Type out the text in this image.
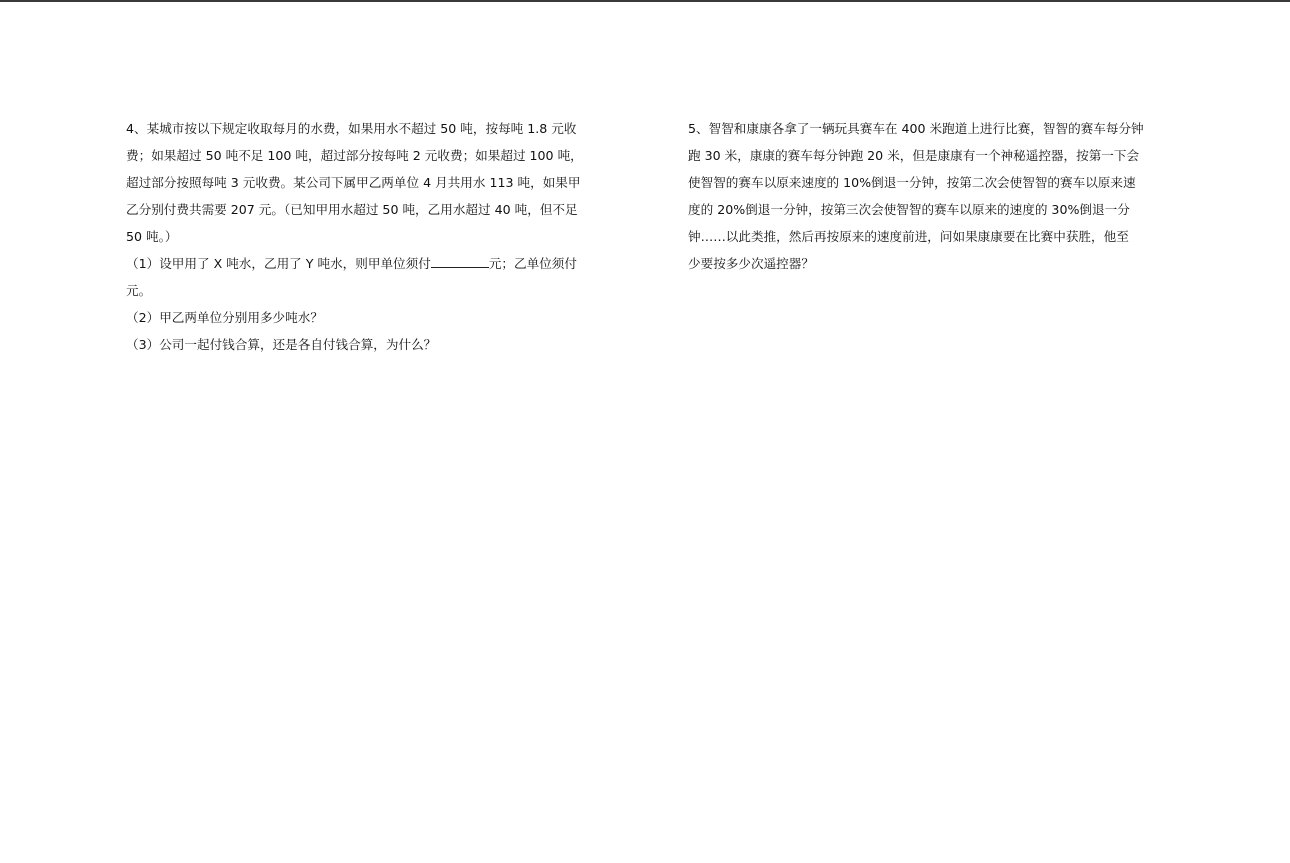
4、某城市按以下规定收取每月的水费，如果用水不超过 50 吨，按每吨 1.8 元收
费；如果超过 50 吨不足 100 吨，超过部分按每吨 2 元收费；如果超过 100 吨，
超过部分按照每吨 3 元收费。某公司下属甲乙两单位 4 月共用水 113 吨，如果甲
乙分别付费共需要 207 元。（已知甲用水超过 50 吨，乙用水超过 40 吨，但不足
50 吨。）
（1）设甲用了 X 吨水，乙用了 Y 吨水，则甲单位须付	元；乙单位须付
元。
（2）甲乙两单位分别用多少吨水？
（3）公司一起付钱合算，还是各自付钱合算，为什么？
5、智智和康康各拿了一辆玩具赛车在 400 米跑道上进行比赛，智智的赛车每分钟
跑 30 米，康康的赛车每分钟跑 20 米，但是康康有一个神秘遥控器，按第一下会
使智智的赛车以原来速度的 10%倒退一分钟，按第二次会使智智的赛车以原来速
度的 20%倒退一分钟，按第三次会使智智的赛车以原来的速度的 30%倒退一分
钟……以此类推，然后再按原来的速度前进，问如果康康要在比赛中获胜，他至
少要按多少次遥控器？
